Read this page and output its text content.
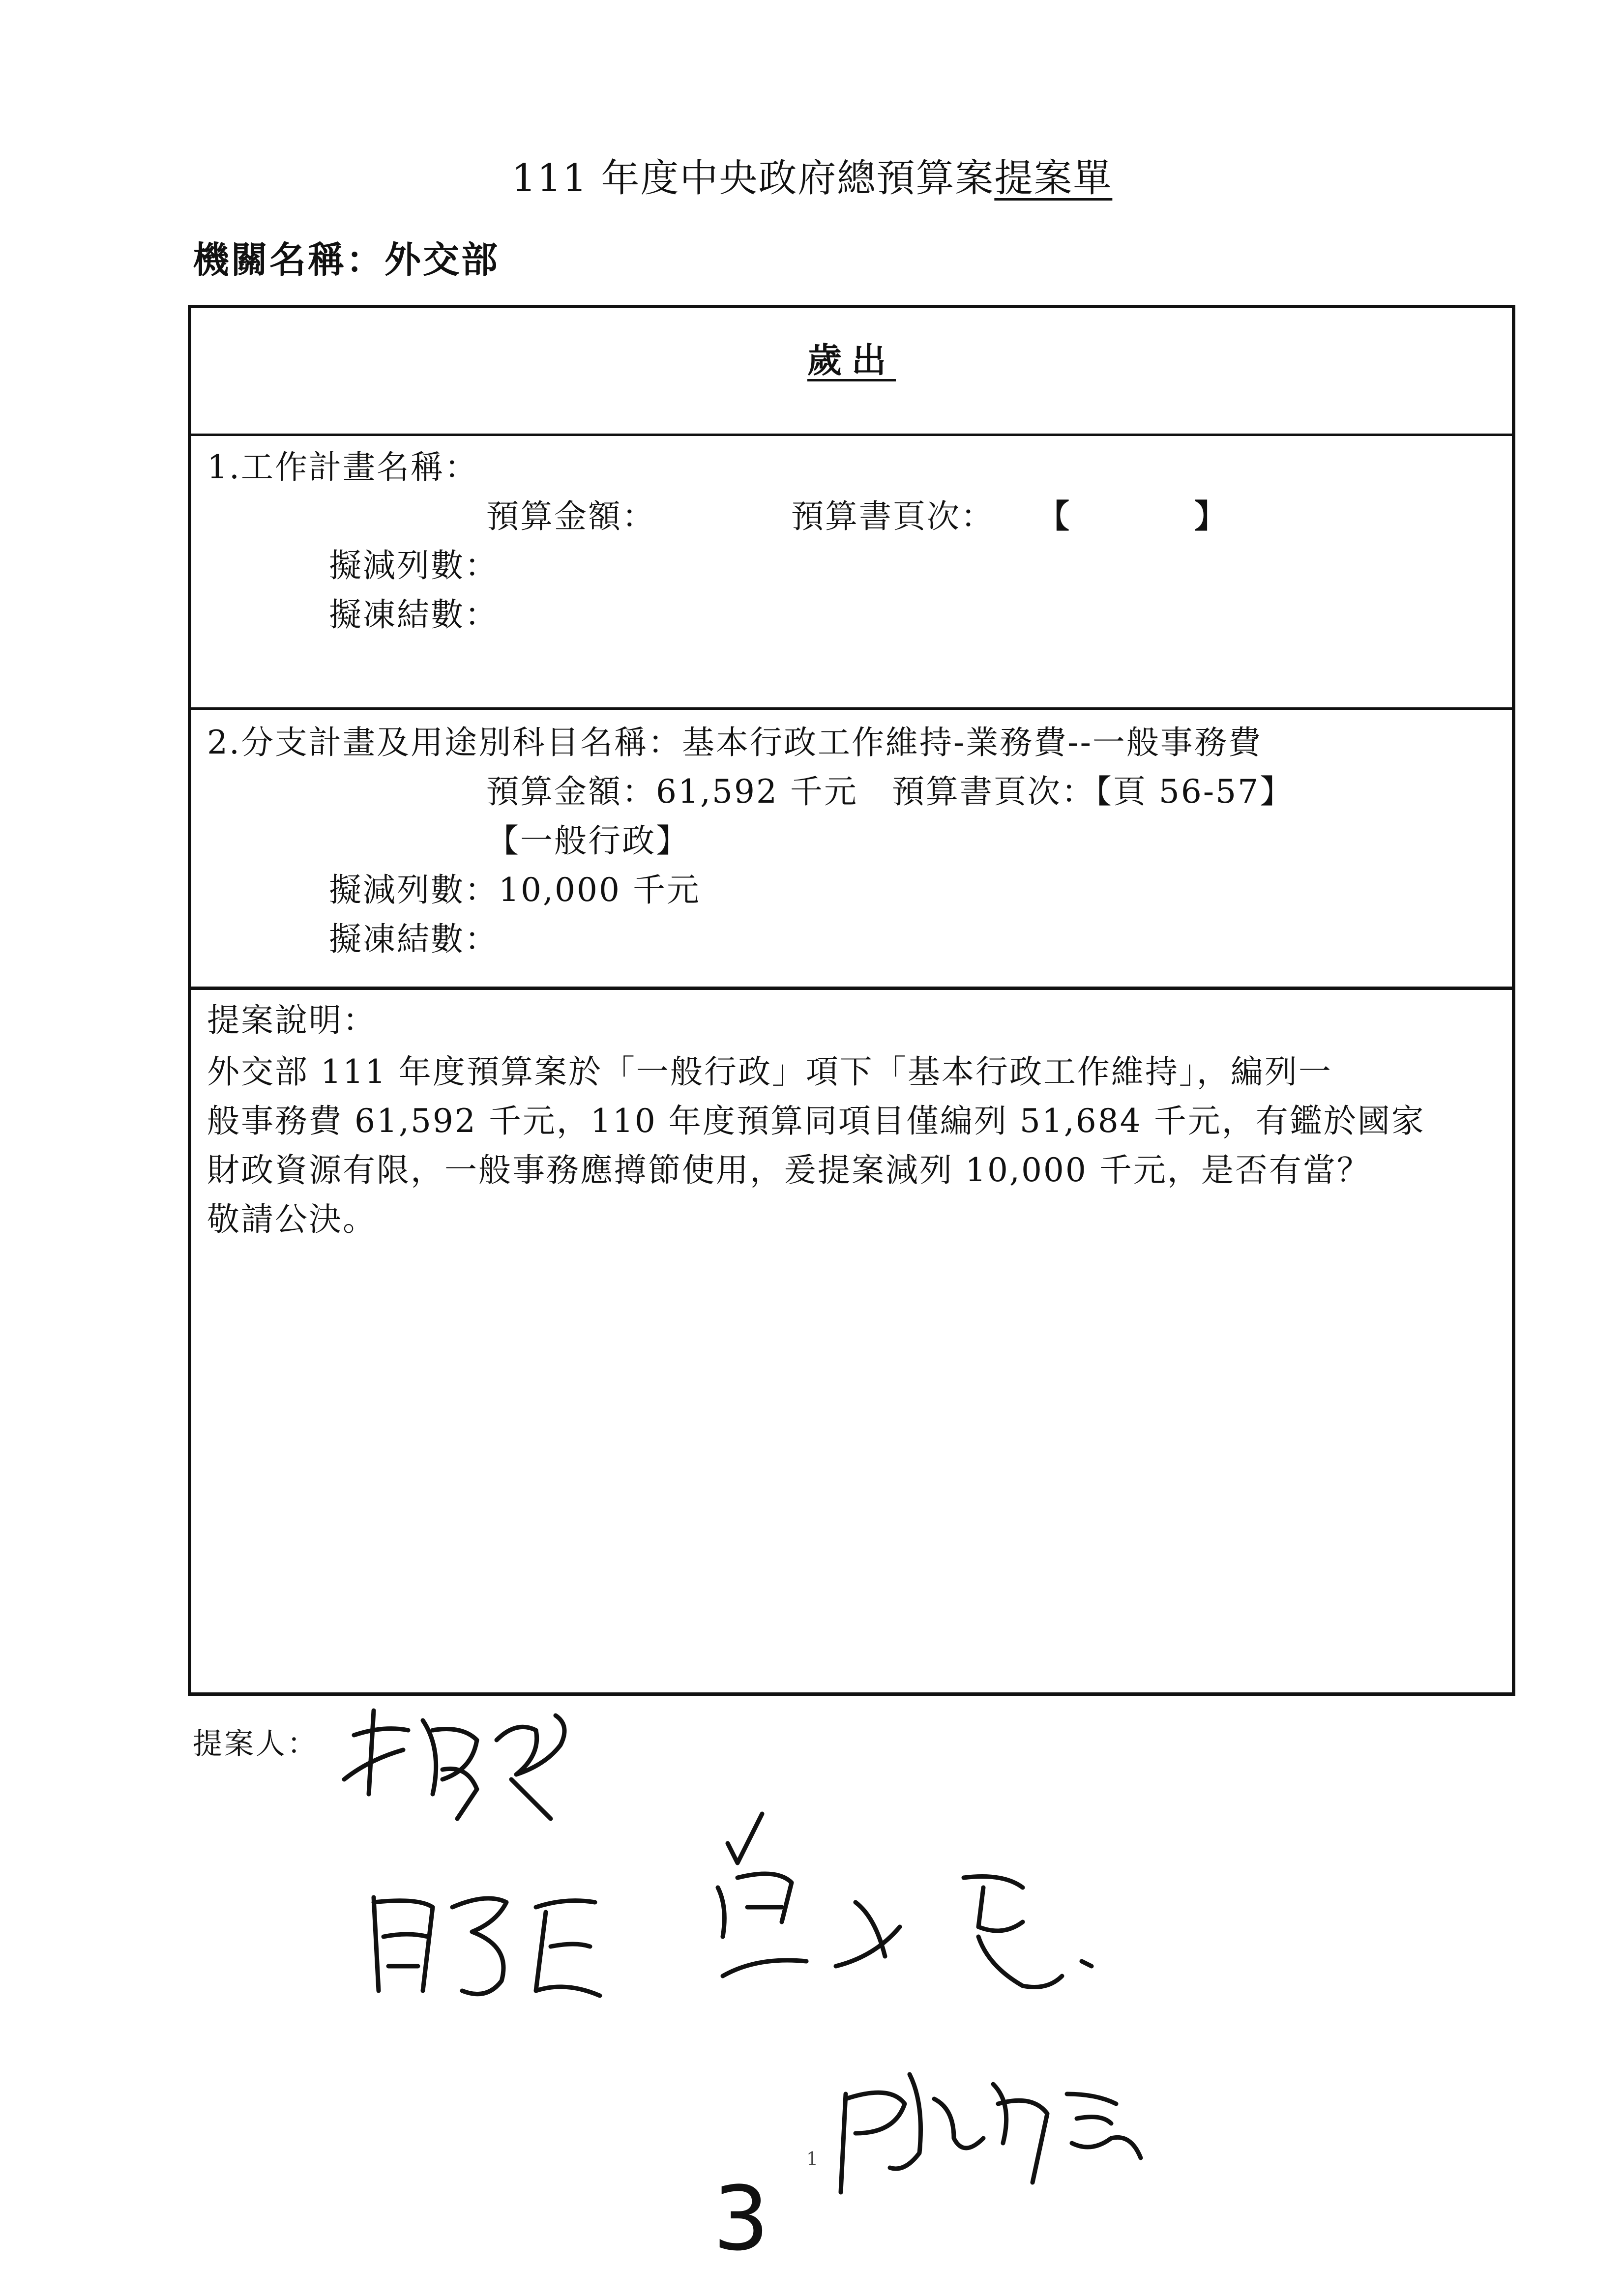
111 年度中央政府總預算案提案單
機關名稱：外交部
歲出
1.工作計畫名稱：
預算金額：	預算書頁次： 【	】
擬減列數：
擬凍結數：
2.分支計畫及用途別科目名稱：基本行政工作維持-業務費--一般事務費
預算金額：61,592 千元　預算書頁次：【頁 56-57】
【一般行政】
擬減列數：10,000 千元
擬凍結數：
提案說明：
外交部 111 年度預算案於「一般行政」項下「基本行政工作維持」，編列一
般事務費 61,592 千元，110 年度預算同項目僅編列 51,684 千元，有鑑於國家
財政資源有限，一般事務應撙節使用，爰提案減列 10,000 千元，是否有當？
敬請公決。
提案人：
1
3
